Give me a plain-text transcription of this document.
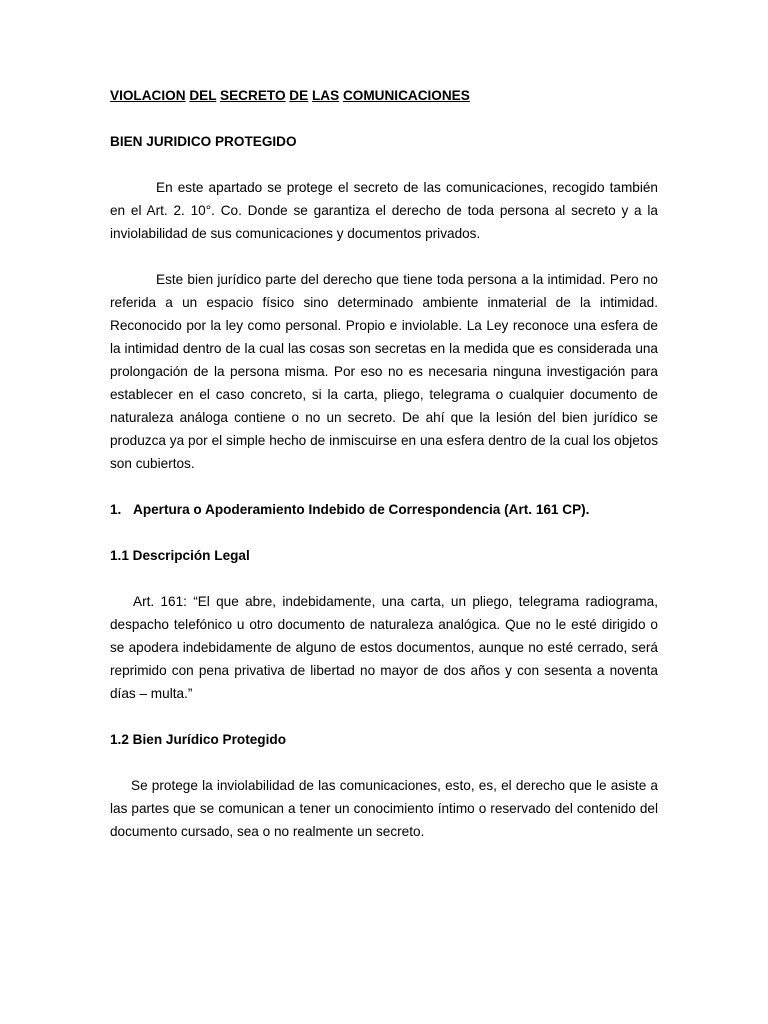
VIOLACION DEL SECRETO DE LAS COMUNICACIONES

BIEN JURIDICO PROTEGIDO

En este apartado se protege el secreto de las comunicaciones, recogido también en el Art. 2. 10°. Co. Donde se garantiza el derecho de toda persona al secreto y a la inviolabilidad de sus comunicaciones y documentos privados.

Este bien jurídico parte del derecho que tiene toda persona a la intimidad. Pero no referida a un espacio físico sino determinado ambiente inmaterial de la intimidad. Reconocido por la ley como personal. Propio e inviolable. La Ley reconoce una esfera de la intimidad dentro de la cual las cosas son secretas en la medida que es considerada una prolongación de la persona misma. Por eso no es necesaria ninguna investigación para establecer en el caso concreto, si la carta, pliego, telegrama o cualquier documento de naturaleza análoga contiene o no un secreto. De ahí que la lesión del bien jurídico se produzca ya por el simple hecho de inmiscuirse en una esfera dentro de la cual los objetos son cubiertos.

1. Apertura o Apoderamiento Indebido de Correspondencia (Art. 161 CP).

1.1 Descripción Legal

Art. 161: “El que abre, indebidamente, una carta, un pliego, telegrama radiograma, despacho telefónico u otro documento de naturaleza analógica. Que no le esté dirigido o se apodera indebidamente de alguno de estos documentos, aunque no esté cerrado, será reprimido con pena privativa de libertad no mayor de dos años y con sesenta a noventa días – multa.”

1.2 Bien Jurídico Protegido

Se protege la inviolabilidad de las comunicaciones, esto, es, el derecho que le asiste a las partes que se comunican a tener un conocimiento íntimo o reservado del contenido del documento cursado, sea o no realmente un secreto.
